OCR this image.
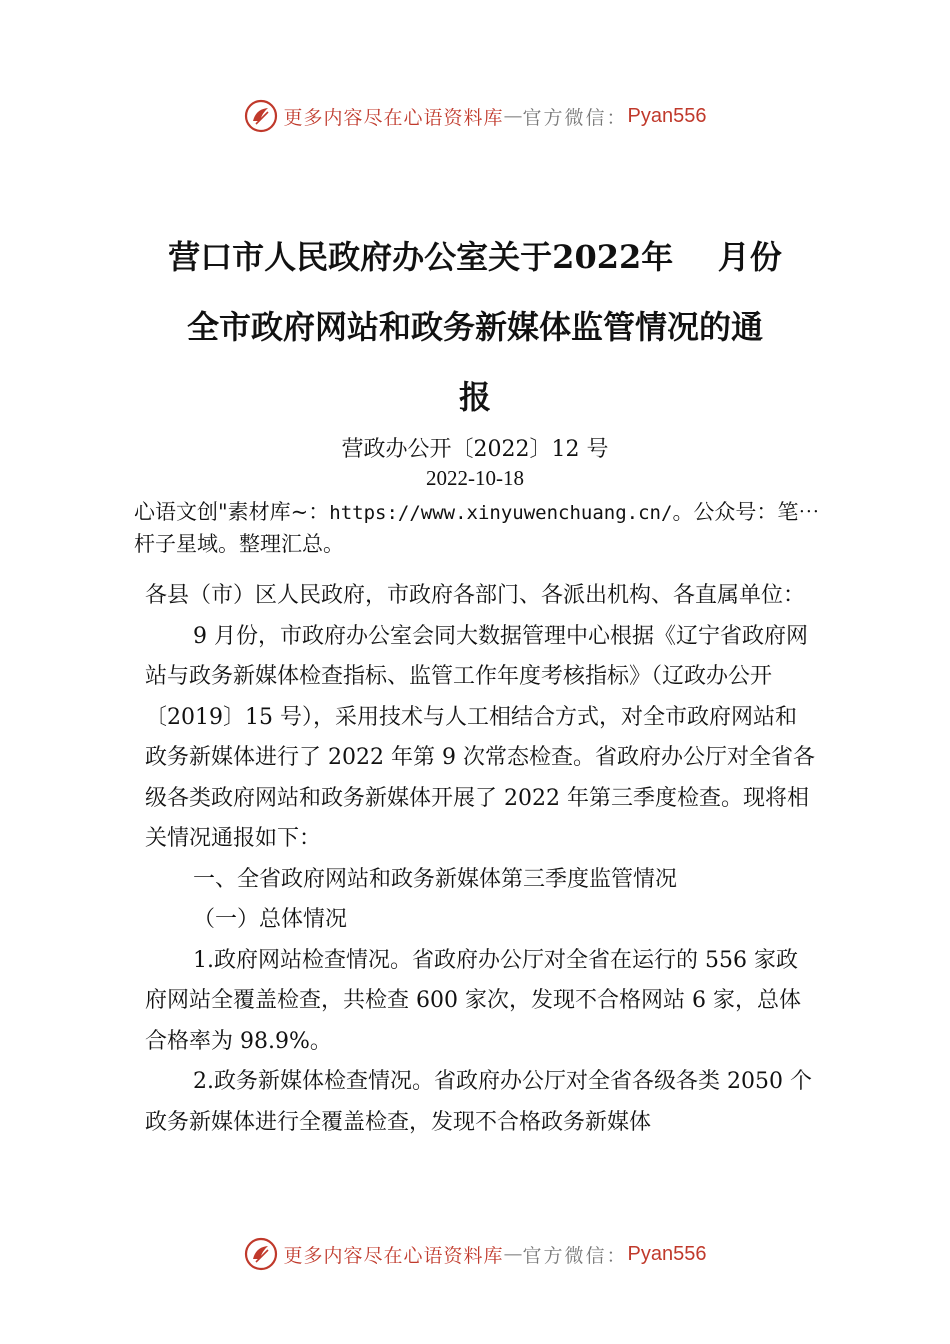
更多内容尽在心语资料库 — 官方微信： Pyan556
营口市人民政府办公室关于2022年    月份
全市政府网站和政务新媒体监管情况的通
报
营政办公开〔2022〕12 号
2022-10-18
心语文创"素材库~：https://www.xinyuwenchuang.cn/。公众号：笔⋯杆子星域。整理汇总。

各县（市）区人民政府，市政府各部门、各派出机构、各直属单位：

9 月份，市政府办公室会同大数据管理中心根据《辽宁省政府网站与政务新媒体检查指标、监管工作年度考核指标》（辽政办公开〔2019〕15 号），采用技术与人工相结合方式，对全市政府网站和政务新媒体进行了 2022 年第 9 次常态检查。省政府办公厅对全省各级各类政府网站和政务新媒体开展了 2022 年第三季度检查。现将相关情况通报如下：

一、全省政府网站和政务新媒体第三季度监管情况

（一）总体情况

1.政府网站检查情况。省政府办公厅对全省在运行的 556 家政府网站全覆盖检查，共检查 600 家次，发现不合格网站 6 家，总体合格率为 98.9%。

2.政务新媒体检查情况。省政府办公厅对全省各级各类 2050 个政务新媒体进行全覆盖检查，发现不合格政务新媒体

更多内容尽在心语资料库 — 官方微信： Pyan556
